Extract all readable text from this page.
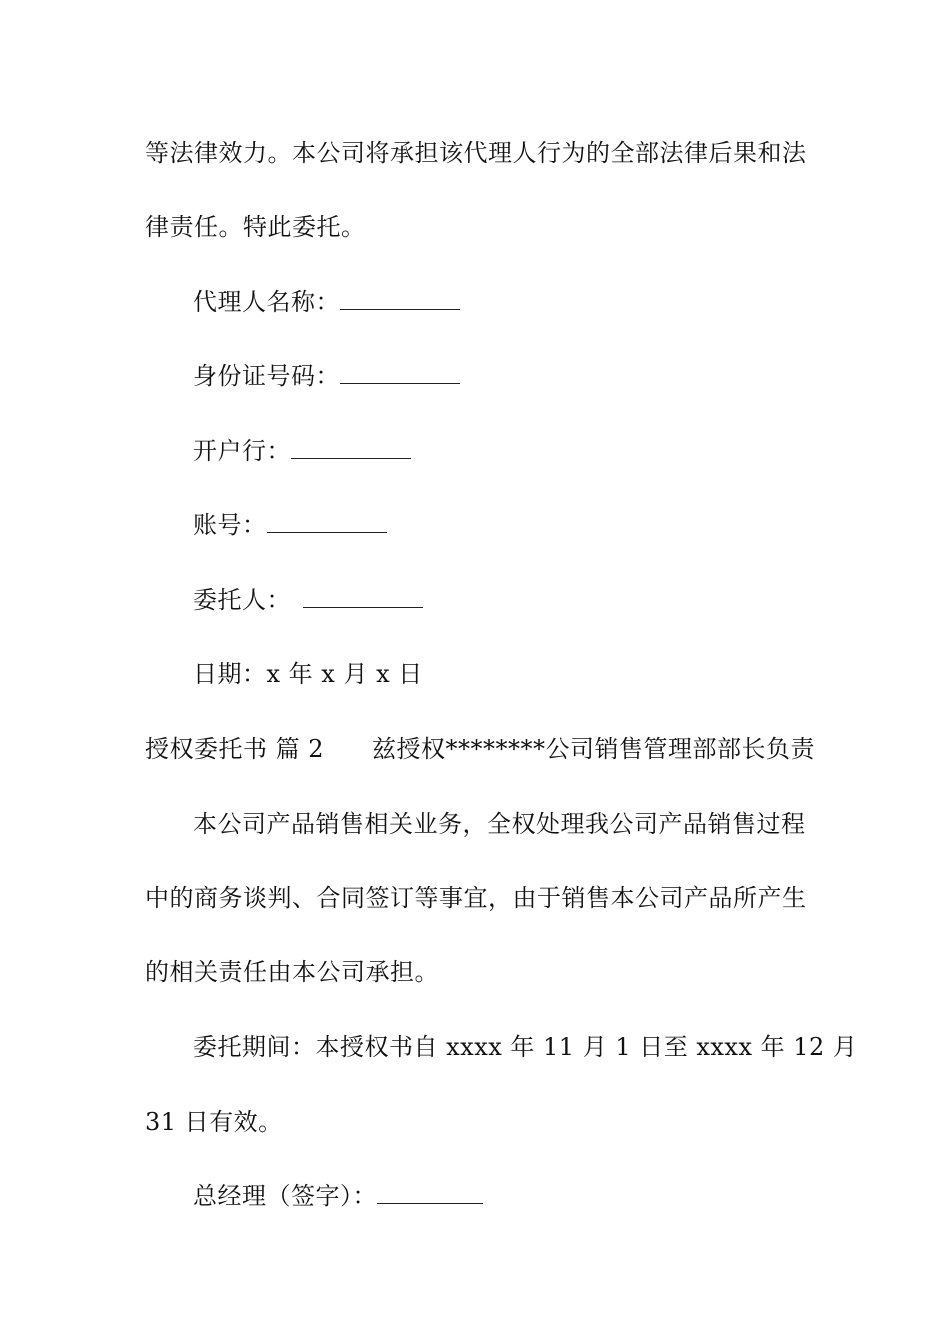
等法律效力。本公司将承担该代理人行为的全部法律后果和法
律责任。特此委托。
代理人名称：
身份证号码：
开户行：
账号：
委托人：
日期：x 年 x 月 x 日
授权委托书 篇 2 兹授权********公司销售管理部部长负责
本公司产品销售相关业务，全权处理我公司产品销售过程
中的商务谈判、合同签订等事宜，由于销售本公司产品所产生
的相关责任由本公司承担。
委托期间：本授权书自 xxxx 年 11 月 1 日至 xxxx 年 12 月
31 日有效。
总经理（签字）：
